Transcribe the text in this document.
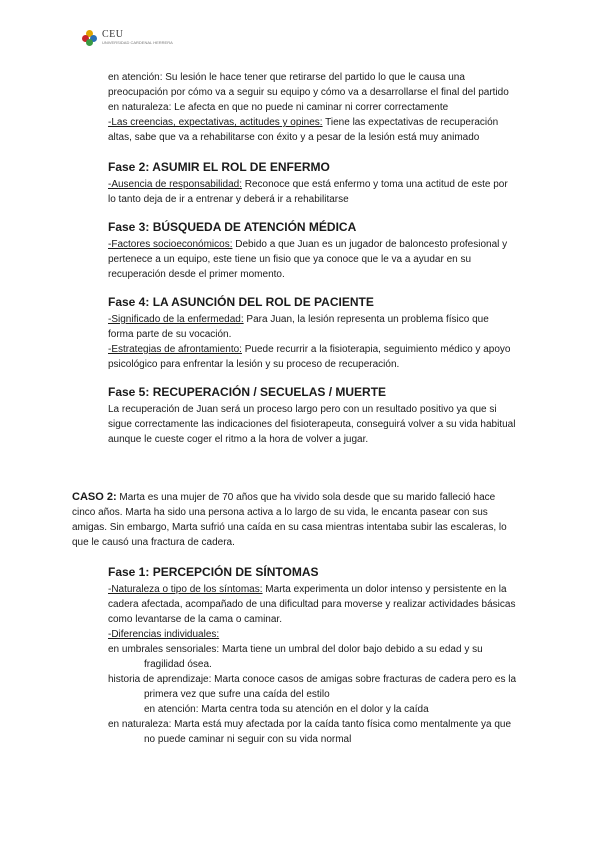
CEU
UNIVERSIDAD CARDENAL HERRERA

en atención: Su lesión le hace tener que retirarse del partido lo que le causa una preocupación por cómo va a seguir su equipo y cómo va a desarrollarse el final del partido

en naturaleza: Le afecta en que no puede ni caminar ni correr correctamente

-Las creencias, expectativas, actitudes y opines: Tiene las expectativas de recuperación altas, sabe que va a rehabilitarse con éxito y a pesar de la lesión está muy animado

Fase 2: ASUMIR EL ROL DE ENFERMO

-Ausencia de responsabilidad: Reconoce que está enfermo y toma una actitud de este por lo tanto deja de ir a entrenar y deberá ir a rehabilitarse

Fase 3: BÚSQUEDA DE ATENCIÓN MÉDICA

-Factores socioeconómicos: Debido a que Juan es un jugador de baloncesto profesional y pertenece a un equipo, este tiene un fisio que ya conoce que le va a ayudar en su recuperación desde el primer momento.

Fase 4: LA ASUNCIÓN DEL ROL DE PACIENTE

-Significado de la enfermedad: Para Juan, la lesión representa un problema físico que forma parte de su vocación.

-Estrategias de afrontamiento: Puede recurrir a la fisioterapia, seguimiento médico y apoyo psicológico para enfrentar la lesión y su proceso de recuperación.

Fase 5: RECUPERACIÓN / SECUELAS / MUERTE

La recuperación de Juan será un proceso largo pero con un resultado positivo ya que si sigue correctamente las indicaciones del fisioterapeuta, conseguirá volver a su vida habitual aunque le cueste coger el ritmo a la hora de volver a jugar.

CASO 2: Marta es una mujer de 70 años que ha vivido sola desde que su marido falleció hace cinco años. Marta ha sido una persona activa a lo largo de su vida, le encanta pasear con sus amigas. Sin embargo, Marta sufrió una caída en su casa mientras intentaba subir las escaleras, lo que le causó una fractura de cadera.

Fase 1: PERCEPCIÓN DE SÍNTOMAS

-Naturaleza o tipo de los síntomas: Marta experimenta un dolor intenso y persistente en la cadera afectada, acompañado de una dificultad para moverse y realizar actividades básicas como levantarse de la cama o caminar.

-Diferencias individuales:

en umbrales sensoriales: Marta tiene un umbral del dolor bajo debido a su edad y su fragilidad ósea.

historia de aprendizaje: Marta conoce casos de amigas sobre fracturas de cadera pero es la primera vez que sufre una caída del estilo

en atención: Marta centra toda su atención en el dolor y la caída

en naturaleza: Marta está muy afectada por la caída tanto física como mentalmente ya que no puede caminar ni seguir con su vida normal
